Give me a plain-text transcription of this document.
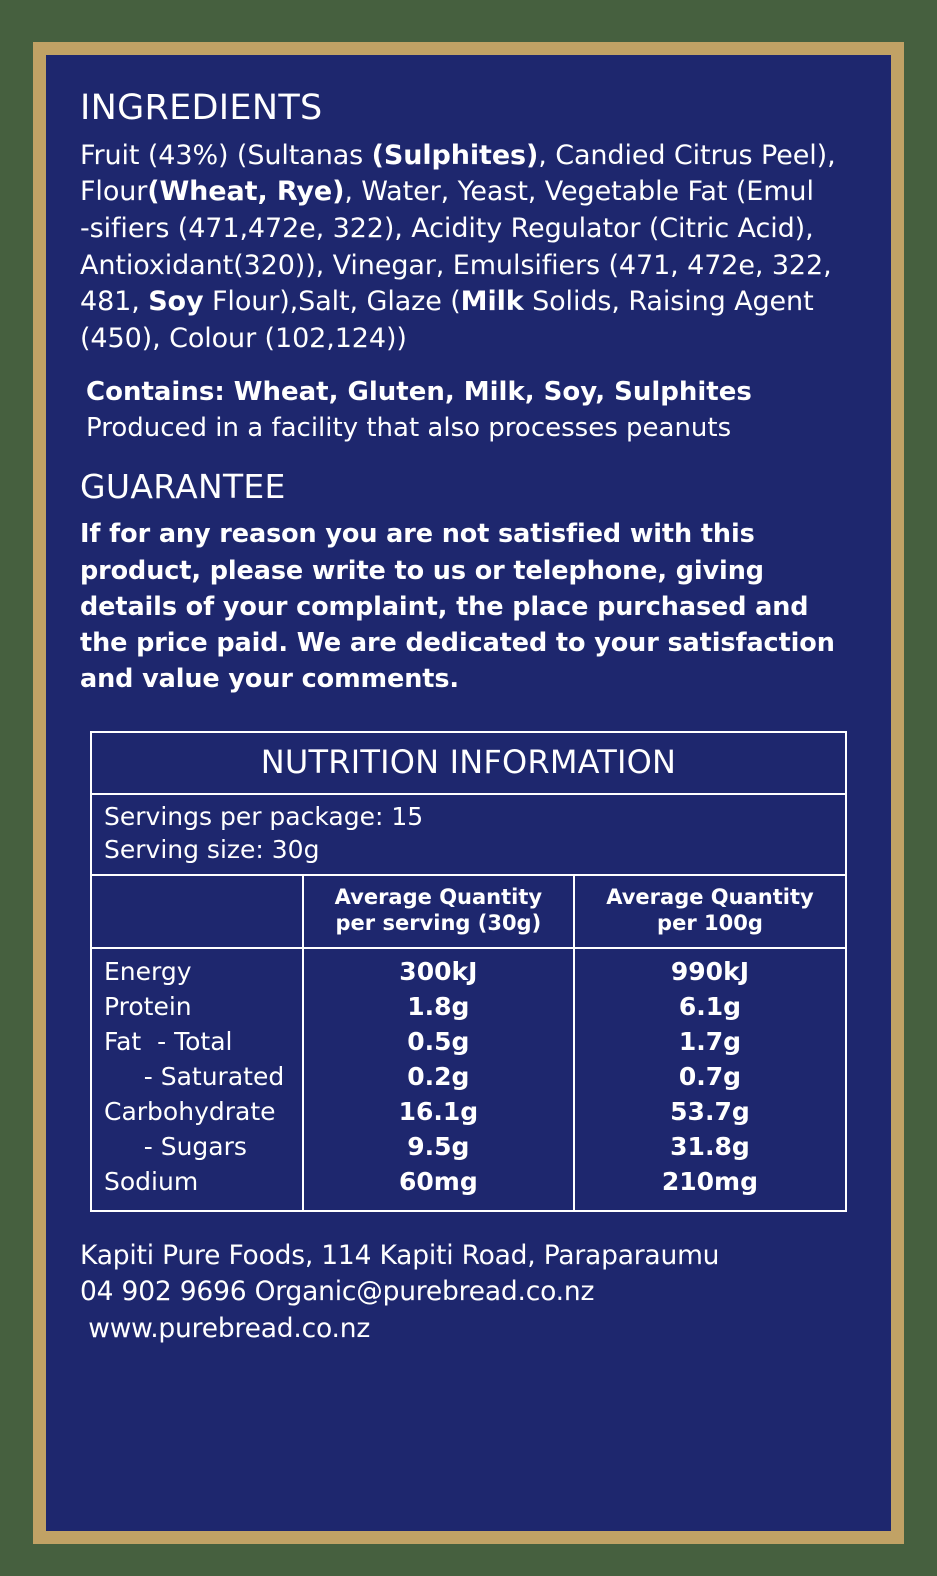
INGREDIENTS

Fruit (43%) (Sultanas (Sulphites), Candied Citrus Peel),
Flour(Wheat, Rye), Water, Yeast, Vegetable Fat (Emul
-sifiers (471,472e, 322), Acidity Regulator (Citric Acid),
Antioxidant(320)), Vinegar, Emulsifiers (471, 472e, 322,
481, Soy Flour),Salt, Glaze (Milk Solids, Raising Agent
(450), Colour (102,124))

Contains: Wheat, Gluten, Milk, Soy, Sulphites

Produced in a facility that also processes peanuts

GUARANTEE

If for any reason you are not satisfied with this product, please write to us or telephone, giving details of your complaint, the place purchased and the price paid. We are dedicated to your satisfaction and value your comments.

NUTRITION INFORMATION
Servings per package: 15
Serving size: 30g
	Average Quantity
per serving (30g)	Average Quantity
per 100g
Energy	300kJ	990kJ
Protein	1.8g	6.1g
Fat  - Total	0.5g	1.7g
- Saturated	0.2g	0.7g
Carbohydrate	16.1g	53.7g
- Sugars	9.5g	31.8g
Sodium	60mg	210mg
Kapiti Pure Foods, 114 Kapiti Road, Paraparaumu
04 902 9696 Organic@purebread.co.nz
www.purebread.co.nz
